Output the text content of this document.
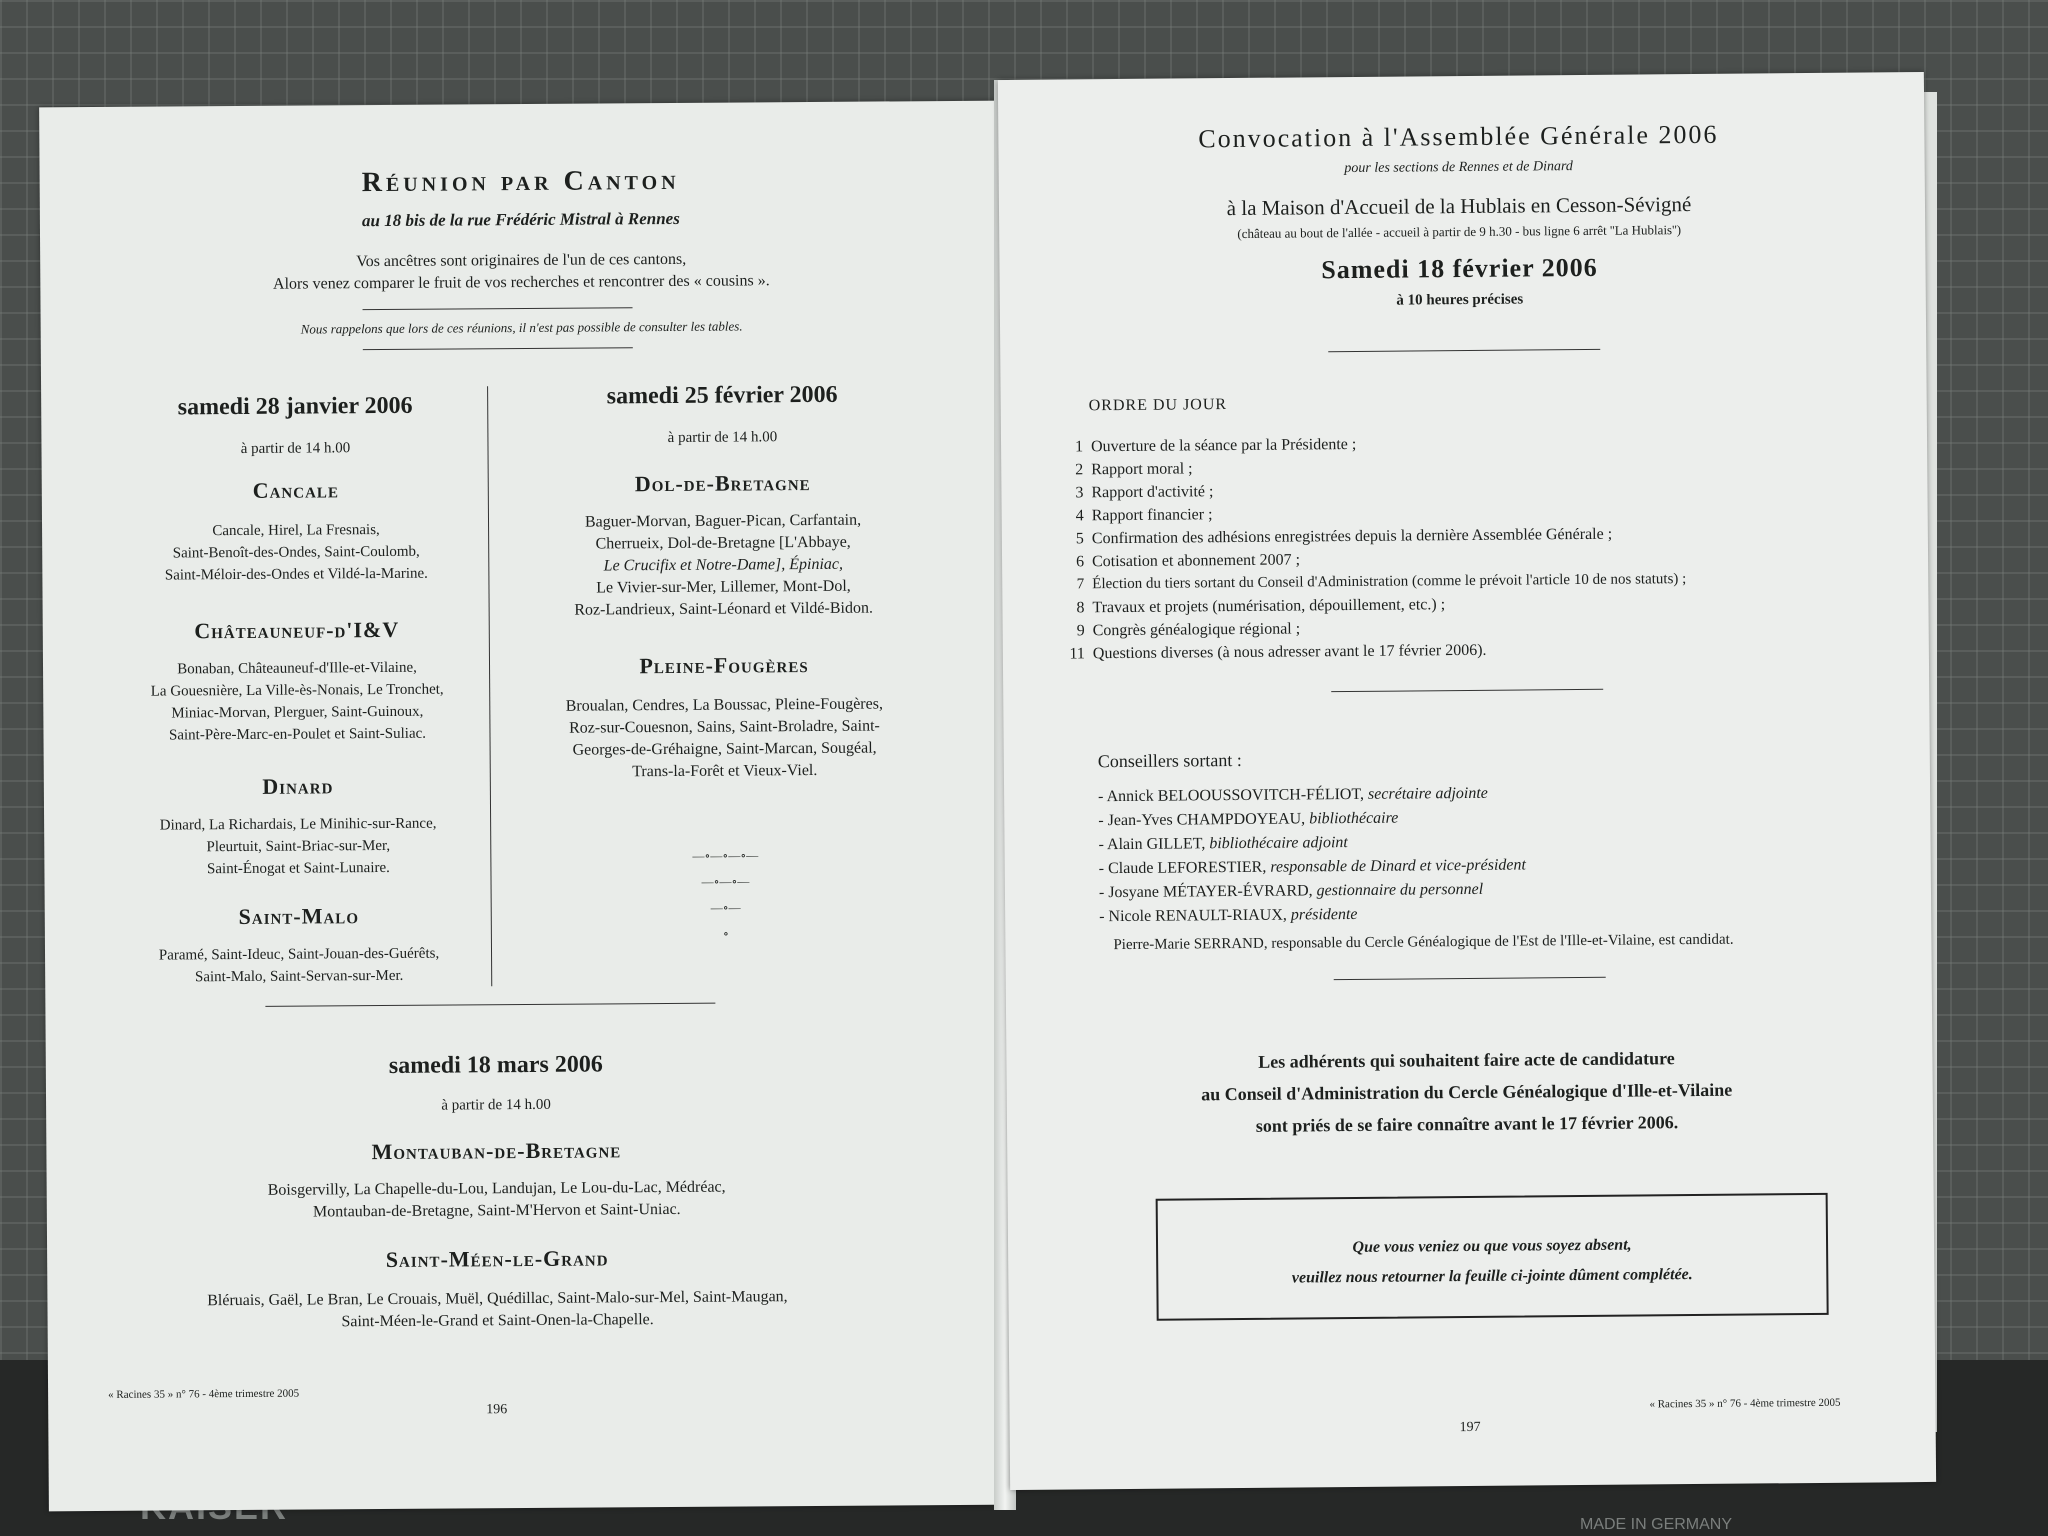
MADE IN GERMANY
Réunion par Canton
au 18 bis de la rue Frédéric Mistral à Rennes
Vos ancêtres sont originaires de l'un de ces cantons,
Alors venez comparer le fruit de vos recherches et rencontrer des « cousins ».
Nous rappelons que lors de ces réunions, il n'est pas possible de consulter les tables.
samedi 28 janvier 2006
à partir de 14 h.00
Cancale
Cancale, Hirel, La Fresnais,
Saint-Benoît-des-Ondes, Saint-Coulomb,
Saint-Méloir-des-Ondes et Vildé-la-Marine.
Châteauneuf-d'I&V
Bonaban, Châteauneuf-d'Ille-et-Vilaine,
La Gouesnière, La Ville-ès-Nonais, Le Tronchet,
Miniac-Morvan, Plerguer, Saint-Guinoux,
Saint-Père-Marc-en-Poulet et Saint-Suliac.
Dinard
Dinard, La Richardais, Le Minihic-sur-Rance,
Pleurtuit, Saint-Briac-sur-Mer,
Saint-Énogat et Saint-Lunaire.
Saint-Malo
Paramé, Saint-Ideuc, Saint-Jouan-des-Guérêts,
Saint-Malo, Saint-Servan-sur-Mer.
samedi 25 février 2006
à partir de 14 h.00
Dol-de-Bretagne
Baguer-Morvan, Baguer-Pican, Carfantain,
Cherrueix, Dol-de-Bretagne [L'Abbaye,
Le Crucifix et Notre-Dame], Épiniac,
Le Vivier-sur-Mer, Lillemer, Mont-Dol,
Roz-Landrieux, Saint-Léonard et Vildé-Bidon.
Pleine-Fougères
Broualan, Cendres, La Boussac, Pleine-Fougères,
Roz-sur-Couesnon, Sains, Saint-Broladre, Saint-
Georges-de-Gréhaigne, Saint-Marcan, Sougéal,
Trans-la-Forêt et Vieux-Viel.
—∘—∘—∘—
—∘—∘—
—∘—
∘
samedi 18 mars 2006
à partir de 14 h.00
Montauban-de-Bretagne
Boisgervilly, La Chapelle-du-Lou, Landujan, Le Lou-du-Lac, Médréac,
Montauban-de-Bretagne, Saint-M'Hervon et Saint-Uniac.
Saint-Méen-le-Grand
Bléruais, Gaël, Le Bran, Le Crouais, Muël, Quédillac, Saint-Malo-sur-Mel, Saint-Maugan,
Saint-Méen-le-Grand et Saint-Onen-la-Chapelle.
« Racines 35 » n° 76 - 4ème trimestre 2005
196
Convocation à l'Assemblée Générale 2006
pour les sections de Rennes et de Dinard
à la Maison d'Accueil de la Hublais en Cesson-Sévigné
(château au bout de l'allée - accueil à partir de 9 h.30 - bus ligne 6 arrêt ''La Hublais'')
Samedi 18 février 2006
à 10 heures précises
ORDRE DU JOUR
1 Ouverture de la séance par la Présidente ;
2 Rapport moral ;
3 Rapport d'activité ;
4 Rapport financier ;
5 Confirmation des adhésions enregistrées depuis la dernière Assemblée Générale ;
6 Cotisation et abonnement 2007 ;
7 Élection du tiers sortant du Conseil d'Administration (comme le prévoit l'article 10 de nos statuts) ;
8 Travaux et projets (numérisation, dépouillement, etc.) ;
9 Congrès généalogique régional ;
11 Questions diverses (à nous adresser avant le 17 février 2006).
Conseillers sortant :
- Annick BELOOUSSOVITCH-FÉLIOT, secrétaire adjointe
- Jean-Yves CHAMPDOYEAU, bibliothécaire
- Alain GILLET, bibliothécaire adjoint
- Claude LEFORESTIER, responsable de Dinard et vice-président
- Josyane MÉTAYER-ÉVRARD, gestionnaire du personnel
- Nicole RENAULT-RIAUX, présidente
Pierre-Marie SERRAND, responsable du Cercle Généalogique de l'Est de l'Ille-et-Vilaine, est candidat.
Les adhérents qui souhaitent faire acte de candidature
au Conseil d'Administration du Cercle Généalogique d'Ille-et-Vilaine
sont priés de se faire connaître avant le 17 février 2006.
Que vous veniez ou que vous soyez absent,
veuillez nous retourner la feuille ci-jointe dûment complétée.
« Racines 35 » n° 76 - 4ème trimestre 2005
197
